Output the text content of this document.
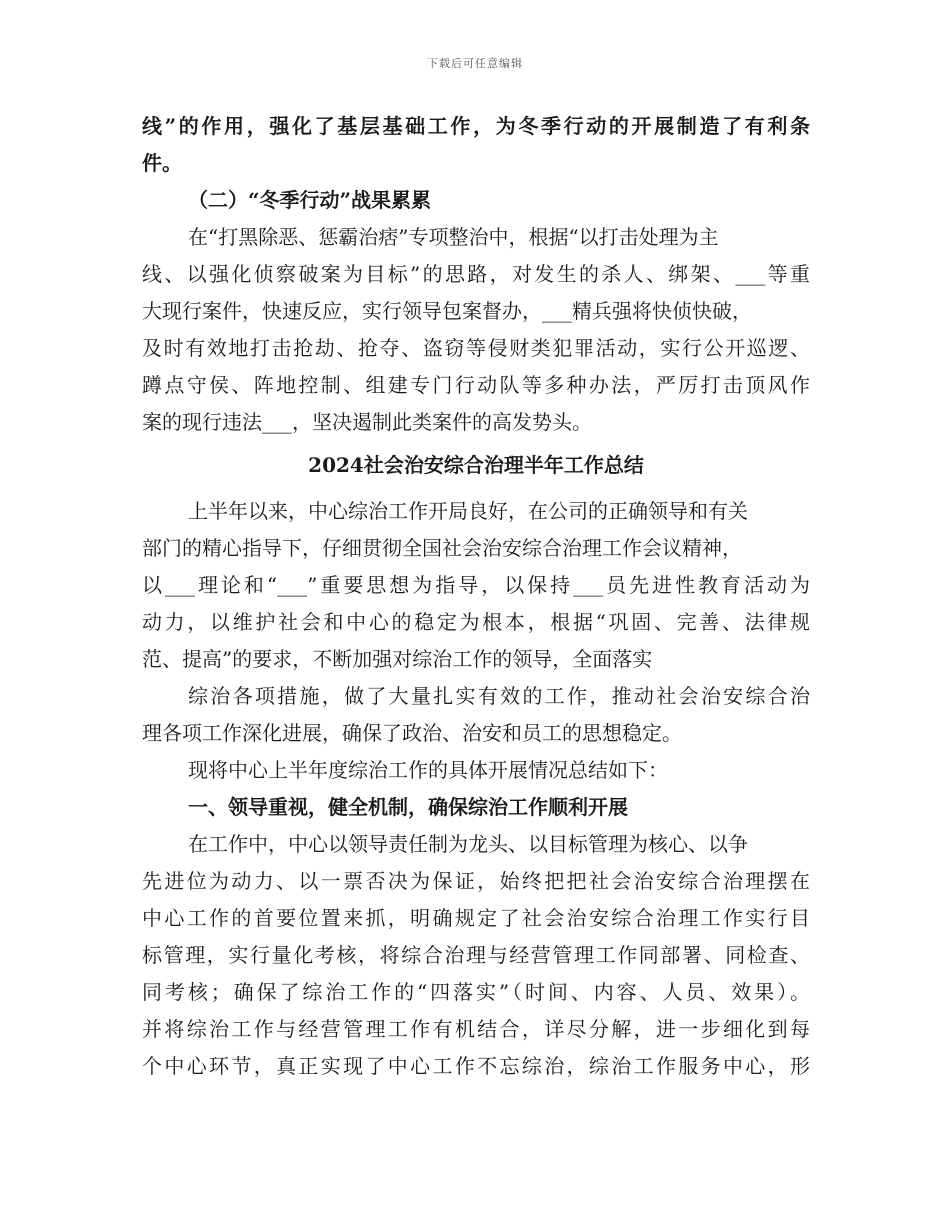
下载后可任意编辑
线”的作用，强化了基层基础工作，为冬季行动的开展制造了有利条
件。
（二）“冬季行动”战果累累
在“打黑除恶、惩霸治痞”专项整治中，根据“以打击处理为主
线、以强化侦察破案为目标”的思路，对发生的杀人、绑架、___等重
大现行案件，快速反应，实行领导包案督办，___精兵强将快侦快破，
及时有效地打击抢劫、抢夺、盗窃等侵财类犯罪活动，实行公开巡逻、
蹲点守侯、阵地控制、组建专门行动队等多种办法，严厉打击顶风作
案的现行违法___，坚决遏制此类案件的高发势头。
2024社会治安综合治理半年工作总结
上半年以来，中心综治工作开局良好，在公司的正确领导和有关
部门的精心指导下，仔细贯彻全国社会治安综合治理工作会议精神，
以___理论和“___”重要思想为指导，以保持___员先进性教育活动为
动力，以维护社会和中心的稳定为根本，根据“巩固、完善、法律规
范、提高”的要求，不断加强对综治工作的领导，全面落实
综治各项措施，做了大量扎实有效的工作，推动社会治安综合治
理各项工作深化进展，确保了政治、治安和员工的思想稳定。
现将中心上半年度综治工作的具体开展情况总结如下：
一、领导重视，健全机制，确保综治工作顺利开展
在工作中，中心以领导责任制为龙头、以目标管理为核心、以争
先进位为动力、以一票否决为保证，始终把把社会治安综合治理摆在
中心工作的首要位置来抓，明确规定了社会治安综合治理工作实行目
标管理，实行量化考核，将综合治理与经营管理工作同部署、同检查、
同考核；确保了综治工作的“四落实”（时间、内容、人员、效果）。
并将综治工作与经营管理工作有机结合，详尽分解，进一步细化到每
个中心环节，真正实现了中心工作不忘综治，综治工作服务中心，形
